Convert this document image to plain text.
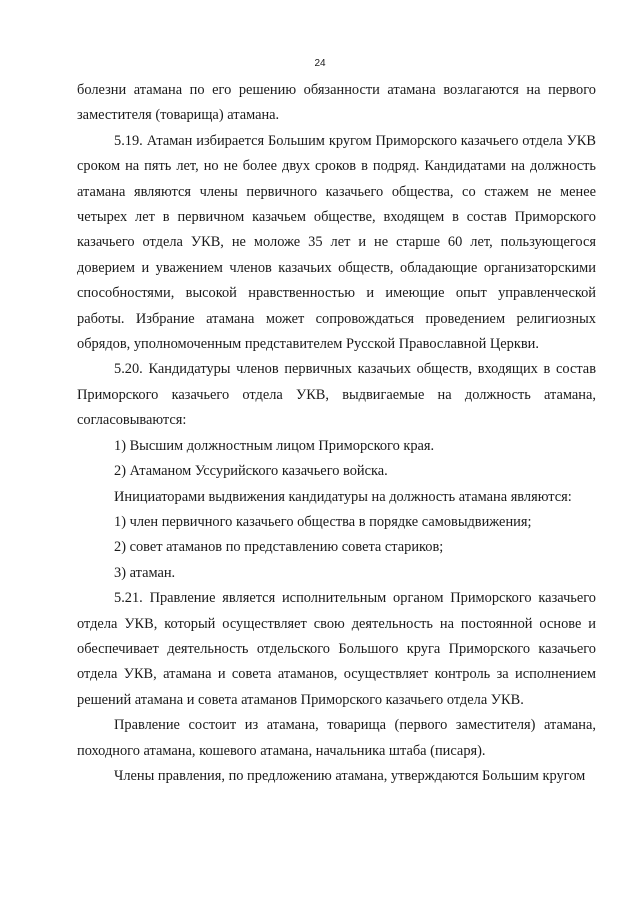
24

болезни атамана по его решению обязанности атамана возлагаются на первого заместителя (товарища) атамана.

5.19. Атаман избирается Большим кругом Приморского казачьего отдела УКВ сроком на пять лет, но не более двух сроков в подряд. Кандидатами на должность атамана являются члены первичного казачьего общества, со стажем не менее четырех лет в первичном казачьем обществе, входящем в состав Приморского казачьего отдела УКВ, не моложе 35 лет и не старше 60 лет, пользующегося доверием и уважением членов казачьих обществ, обладающие организаторскими способностями, высокой нравственностью и имеющие опыт управленческой работы. Избрание атамана может сопровождаться проведением религиозных обрядов, уполномоченным представителем Русской Православной Церкви.

5.20. Кандидатуры членов первичных казачьих обществ, входящих в состав Приморского казачьего отдела УКВ, выдвигаемые на должность атамана, согласовываются:

1) Высшим должностным лицом Приморского края.

2) Атаманом Уссурийского казачьего войска.

Инициаторами выдвижения кандидатуры на должность атамана являются:

1) член первичного казачьего общества в порядке самовыдвижения;

2) совет атаманов по представлению совета стариков;

3) атаман.

5.21. Правление является исполнительным органом Приморского казачьего отдела УКВ, который осуществляет свою деятельность на постоянной основе и обеспечивает деятельность отдельского Большого круга Приморского казачьего отдела УКВ, атамана и совета атаманов, осуществляет контроль за исполнением решений атамана и совета атаманов Приморского казачьего отдела УКВ.

Правление состоит из атамана, товарища (первого заместителя) атамана, походного атамана, кошевого атамана, начальника штаба (писаря).

Члены правления, по предложению атамана, утверждаются Большим кругом
